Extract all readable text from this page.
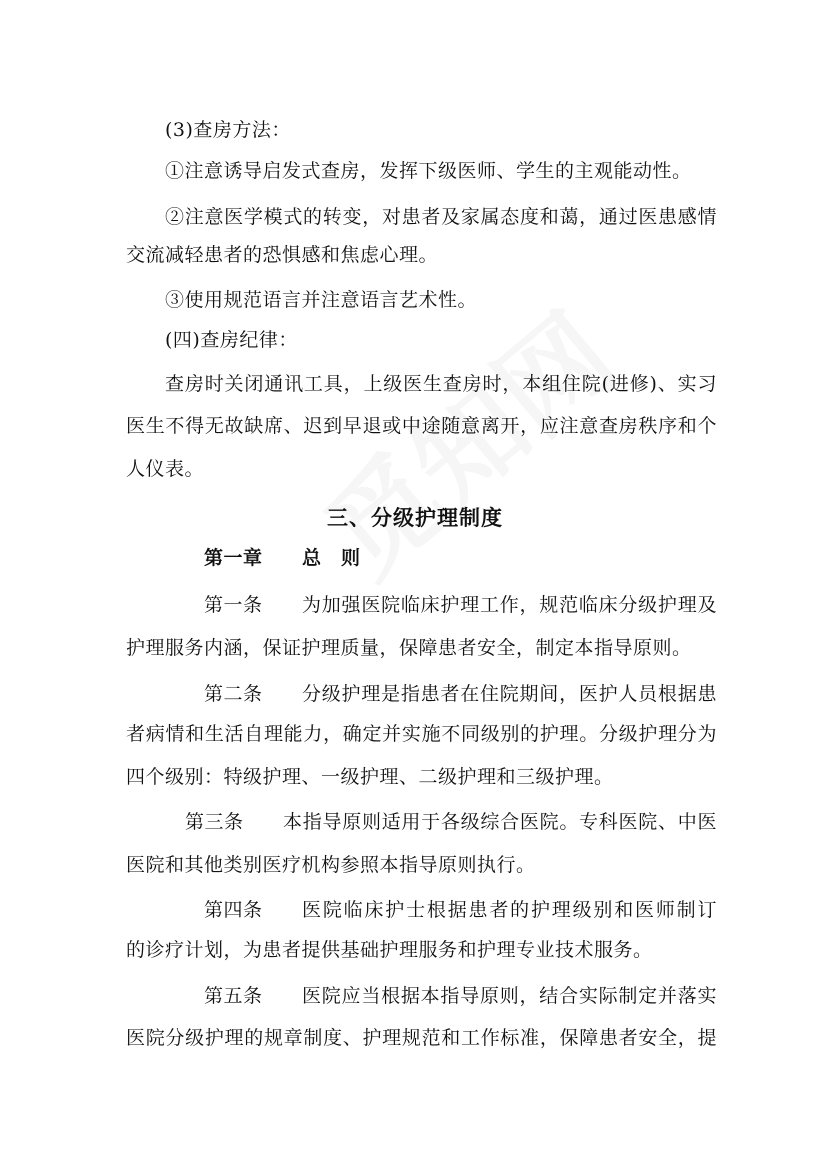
(3)查房方法：
①注意诱导启发式查房，发挥下级医师、学生的主观能动性。
②注意医学模式的转变，对患者及家属态度和蔼，通过医患感情
交流减轻患者的恐惧感和焦虑心理。
③使用规范语言并注意语言艺术性。
(四)查房纪律：
查房时关闭通讯工具，上级医生查房时，本组住院(进修)、实习
医生不得无故缺席、迟到早退或中途随意离开，应注意查房秩序和个
人仪表。
三、分级护理制度
第一章 总　则
第一条 为加强医院临床护理工作，规范临床分级护理及
护理服务内涵，保证护理质量，保障患者安全，制定本指导原则。
第二条 分级护理是指患者在住院期间，医护人员根据患
者病情和生活自理能力，确定并实施不同级别的护理。分级护理分为
四个级别：特级护理、一级护理、二级护理和三级护理。
第三条 本指导原则适用于各级综合医院。专科医院、中医
医院和其他类别医疗机构参照本指导原则执行。
第四条 医院临床护士根据患者的护理级别和医师制订
的诊疗计划，为患者提供基础护理服务和护理专业技术服务。
第五条 医院应当根据本指导原则，结合实际制定并落实
医院分级护理的规章制度、护理规范和工作标准，保障患者安全，提
